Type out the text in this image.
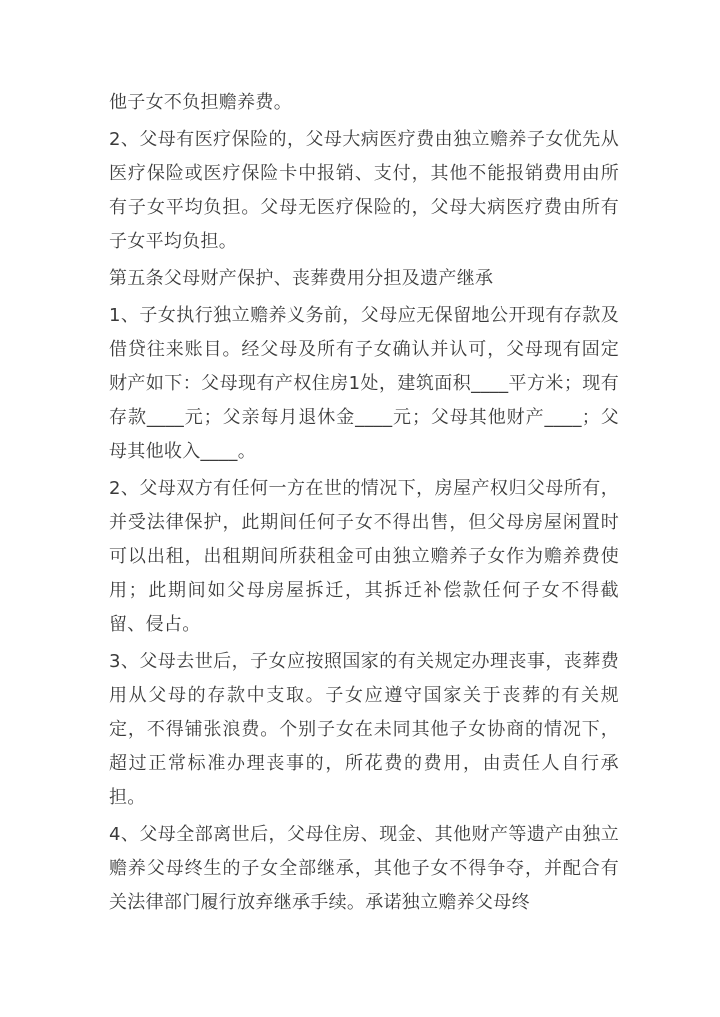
他子女不负担赡养费。

2、父母有医疗保险的，父母大病医疗费由独立赡养子女优先从医疗保险或医疗保险卡中报销、支付，其他不能报销费用由所有子女平均负担。父母无医疗保险的，父母大病医疗费由所有子女平均负担。

第五条父母财产保护、丧葬费用分担及遗产继承

1、子女执行独立赡养义务前，父母应无保留地公开现有存款及借贷往来账目。经父母及所有子女确认并认可，父母现有固定财产如下：父母现有产权住房1处，建筑面积____平方米；现有存款____元；父亲每月退休金____元；父母其他财产____；父母其他收入____。

2、父母双方有任何一方在世的情况下，房屋产权归父母所有，并受法律保护，此期间任何子女不得出售，但父母房屋闲置时可以出租，出租期间所获租金可由独立赡养子女作为赡养费使用；此期间如父母房屋拆迁，其拆迁补偿款任何子女不得截留、侵占。

3、父母去世后，子女应按照国家的有关规定办理丧事，丧葬费用从父母的存款中支取。子女应遵守国家关于丧葬的有关规定，不得铺张浪费。个别子女在未同其他子女协商的情况下，超过正常标准办理丧事的，所花费的费用，由责任人自行承担。

4、父母全部离世后，父母住房、现金、其他财产等遗产由独立赡养父母终生的子女全部继承，其他子女不得争夺，并配合有关法律部门履行放弃继承手续。承诺独立赡养父母终
